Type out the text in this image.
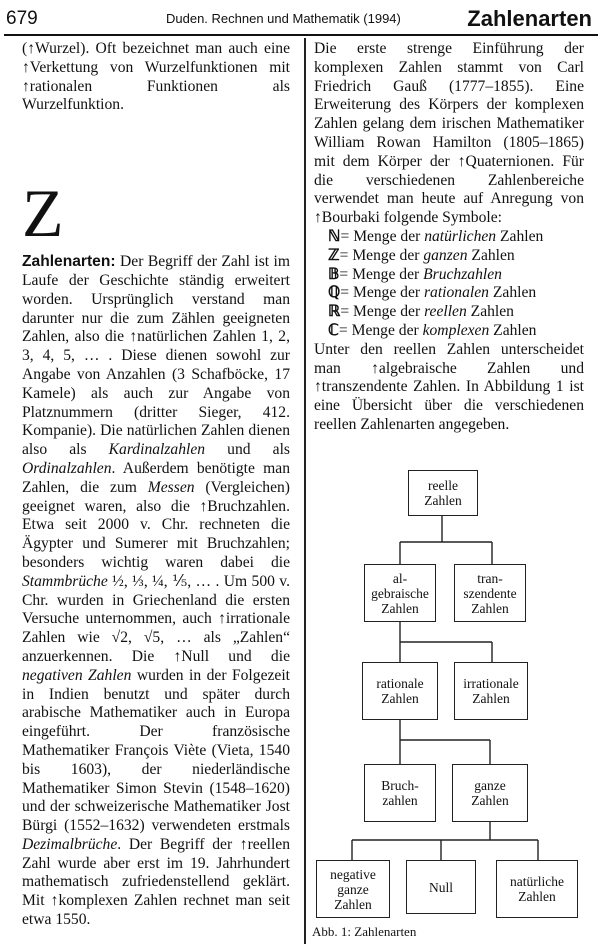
679	Duden. Rechnen und Mathematik (1994)	Zahlenarten

(↑Wurzel). Oft bezeichnet man auch eine ↑Verkettung von Wurzelfunktionen mit ↑rationalen Funktionen als Wurzelfunktion.

Z

Zahlenarten: Der Begriff der Zahl ist im Laufe der Geschichte ständig erweitert worden. Ursprünglich verstand man darunter nur die zum Zählen geeigneten Zahlen, also die ↑natürlichen Zahlen 1, 2, 3, 4, 5, … . Diese dienen sowohl zur Angabe von Anzahlen (3 Schafböcke, 17 Kamele) als auch zur Angabe von Platznummern (dritter Sieger, 412. Kompanie). Die natürlichen Zahlen dienen also als Kardinalzahlen und als Ordinalzahlen. Außerdem benötigte man Zahlen, die zum Messen (Vergleichen) geeignet waren, also die ↑Bruchzahlen. Etwa seit 2000 v. Chr. rechneten die Ägypter und Sumerer mit Bruchzahlen; besonders wichtig waren dabei die Stammbrüche ½, ⅓, ¼, ⅕, … . Um 500 v. Chr. wurden in Griechenland die ersten Versuche unternommen, auch ↑irrationale Zahlen wie √2, √5, … als „Zahlen“ anzuerkennen. Die ↑Null und die negativen Zahlen wurden in der Folgezeit in Indien benutzt und später durch arabische Mathematiker auch in Europa eingeführt. Der französische Mathematiker François Viète (Vieta, 1540 bis 1603), der niederländische Mathematiker Simon Stevin (1548–1620) und der schweizerische Mathematiker Jost Bürgi (1552–1632) verwendeten erstmals Dezimalbrüche. Der Begriff der ↑reellen Zahl wurde aber erst im 19. Jahrhundert mathematisch zufriedenstellend geklärt. Mit ↑komplexen Zahlen rechnet man seit etwa 1550.

Die erste strenge Einführung der komplexen Zahlen stammt von Carl Friedrich Gauß (1777–1855). Eine Erweiterung des Körpers der komplexen Zahlen gelang dem irischen Mathematiker William Rowan Hamilton (1805–1865) mit dem Körper der ↑Quaternionen. Für die verschiedenen Zahlenbereiche verwendet man heute auf Anregung von ↑Bourbaki folgende Symbole:

ℕ= Menge der natürlichen Zahlen
ℤ= Menge der ganzen Zahlen
𝔹= Menge der Bruchzahlen
ℚ= Menge der rationalen Zahlen
ℝ= Menge der reellen Zahlen
ℂ= Menge der komplexen Zahlen

Unter den reellen Zahlen unterscheidet man ↑algebraische Zahlen und ↑transzendente Zahlen. In Abbildung 1 ist eine Übersicht über die verschiedenen reellen Zahlenarten angegeben.

reelle
Zahlen
al-
gebraische
Zahlen
tran-
szendente
Zahlen
rationale
Zahlen
irrationale
Zahlen
Bruch-
zahlen
ganze
Zahlen
negative
ganze
Zahlen
Null	natürliche
Zahlen
Abb. 1: Zahlenarten
